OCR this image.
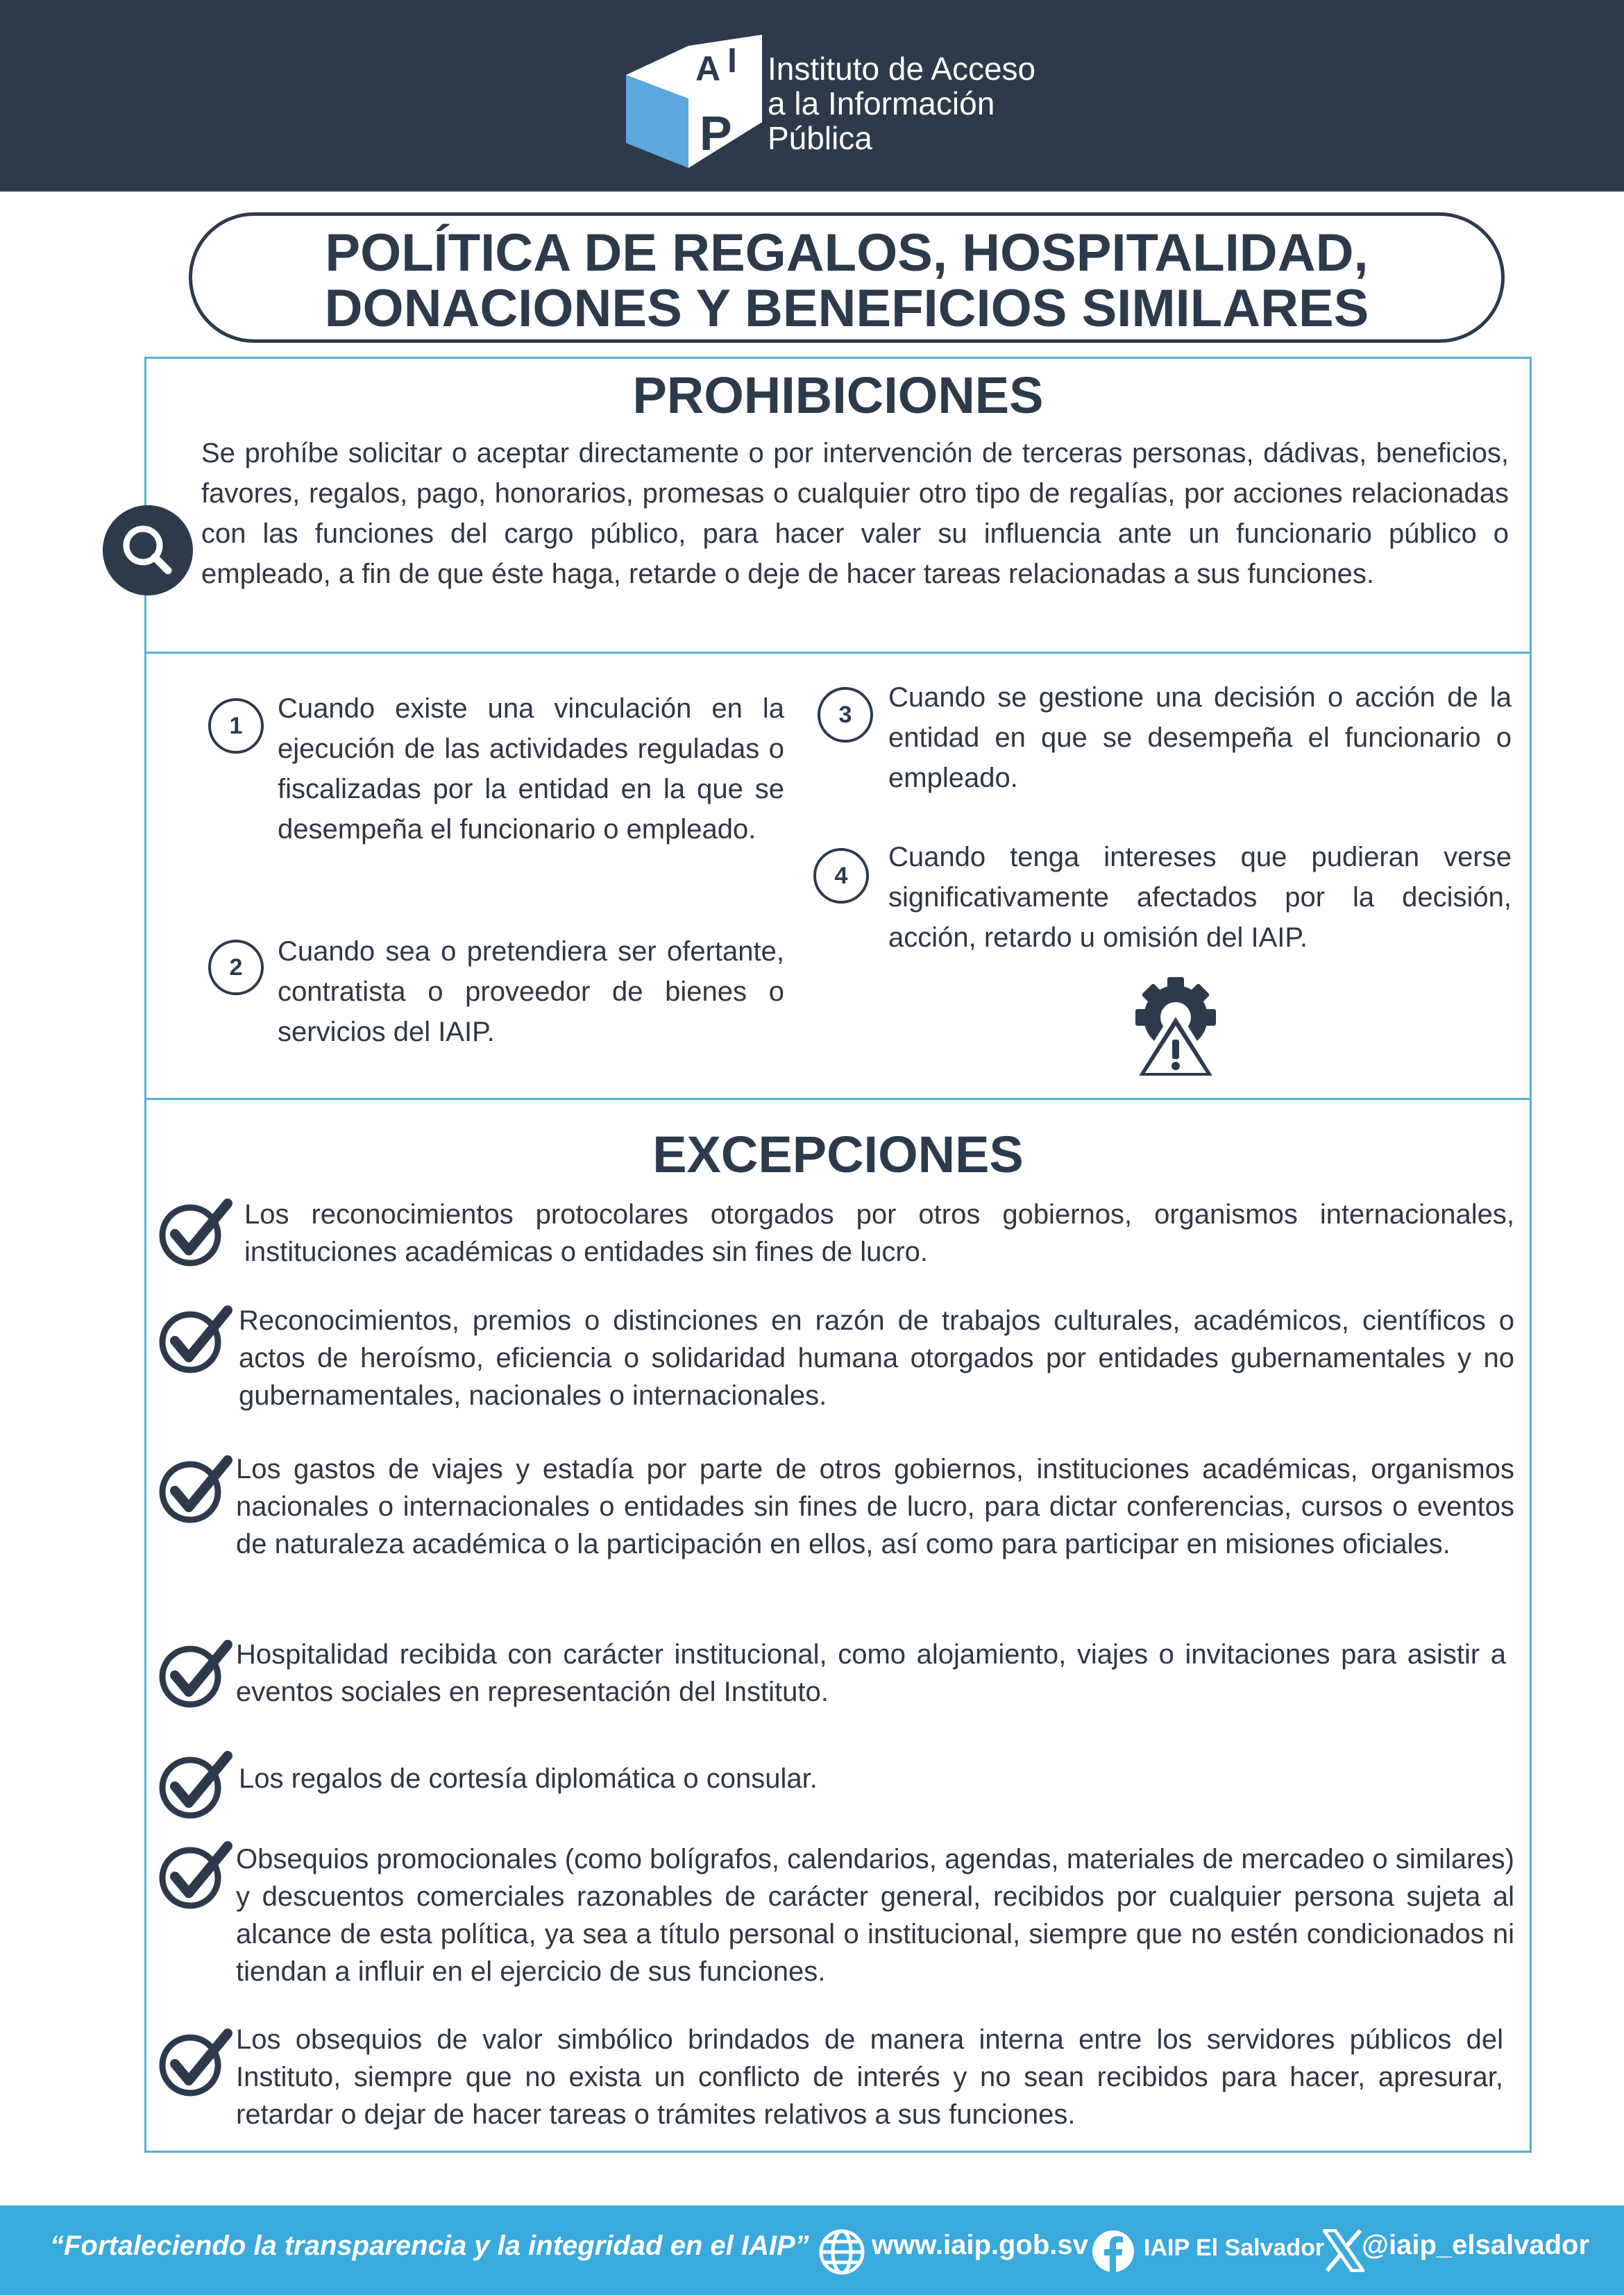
A I
P
Instituto de Acceso
a la Información
Pública
POLÍTICA DE REGALOS, HOSPITALIDAD,
DONACIONES Y BENEFICIOS SIMILARES
PROHIBICIONES
Se prohíbe solicitar o aceptar directamente o por intervención de terceras personas, dádivas, beneficios, favores, regalos, pago, honorarios, promesas o cualquier otro tipo de regalías, por acciones relacionadas con las funciones del cargo público, para hacer valer su influencia ante un funcionario público o empleado, a fin de que éste haga, retarde o deje de hacer tareas relacionadas a sus funciones.
1
Cuando existe una vinculación en la ejecución de las actividades reguladas o fiscalizadas por la entidad en la que se desempeña el funcionario o empleado.
2
Cuando sea o pretendiera ser ofertante, contratista o proveedor de bienes o servicios del IAIP.
3
Cuando se gestione una decisión o acción de la entidad en que se desempeña el funcionario o empleado.
4
Cuando tenga intereses que pudieran verse significativamente afectados por la decisión, acción, retardo u omisión del IAIP.
EXCEPCIONES
Los reconocimientos protocolares otorgados por otros gobiernos, organismos internacionales, instituciones académicas o entidades sin fines de lucro.
Reconocimientos, premios o distinciones en razón de trabajos culturales, académicos, científicos o actos de heroísmo, eficiencia o solidaridad humana otorgados por entidades gubernamentales y no gubernamentales, nacionales o internacionales.
Los gastos de viajes y estadía por parte de otros gobiernos, instituciones académicas, organismos nacionales o internacionales o entidades sin fines de lucro, para dictar conferencias, cursos o eventos de naturaleza académica o la participación en ellos, así como para participar en misiones oficiales.
Hospitalidad recibida con carácter institucional, como alojamiento, viajes o invitaciones para asistir a eventos sociales en representación del Instituto.
Los regalos de cortesía diplomática o consular.
Obsequios promocionales (como bolígrafos, calendarios, agendas, materiales de mercadeo o similares) y descuentos comerciales razonables de carácter general, recibidos por cualquier persona sujeta al alcance de esta política, ya sea a título personal o institucional, siempre que no estén condicionados ni tiendan a influir en el ejercicio de sus funciones.
Los obsequios de valor simbólico brindados de manera interna entre los servidores públicos del Instituto, siempre que no exista un conflicto de interés y no sean recibidos para hacer, apresurar, retardar o dejar de hacer tareas o trámites relativos a sus funciones.
“Fortaleciendo la transparencia y la integridad en el IAIP” www.iaip.gob.sv IAIP El Salvador @iaip_elsalvador
